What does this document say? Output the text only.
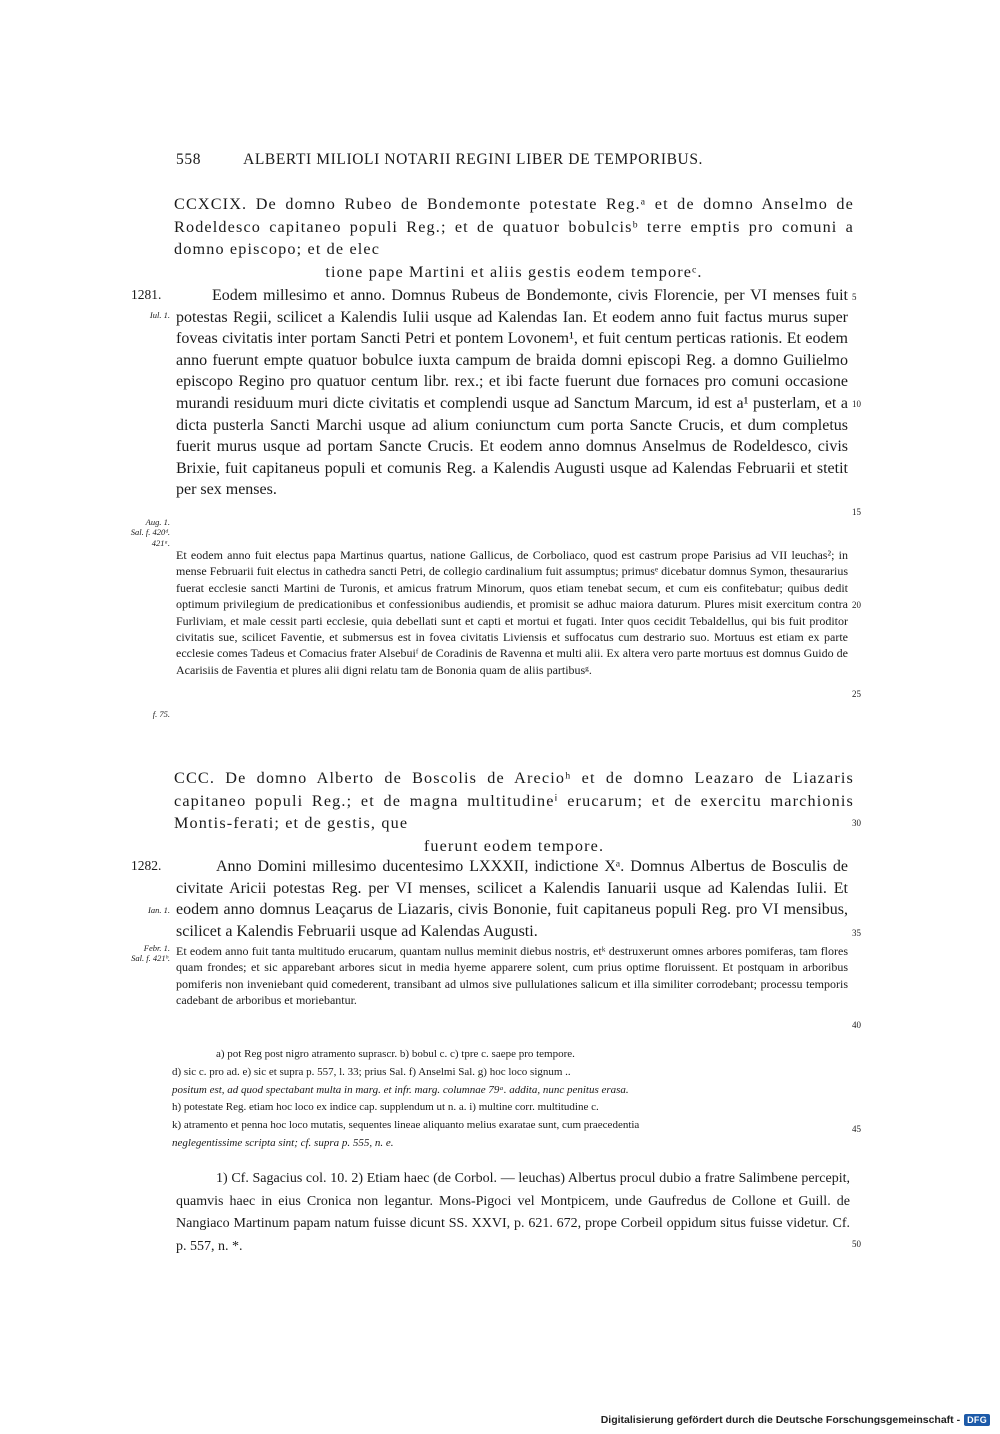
558	ALBERTI MILIOLI NOTARII REGINI LIBER DE TEMPORIBUS.
CCXCIX. De domno Rubeo de Bondemonte potestate Reg.ᵃ et de domno Anselmo de Rodeldesco capitaneo populi Reg.; et de quatuor bobulcisᵇ terre emptis pro comuni a domno episcopo; et de elec
tione pape Martini et aliis gestis eodem temporeᶜ.
1281.
Iul. 1.
Aug. 1.
Sal. f. 420ᵈ.
421ᵃ.
f. 75.

Eodem millesimo et anno. Domnus Rubeus de Bondemonte, civis Florencie, per VI menses fuit potestas Regii, scilicet a Kalendis Iulii usque ad Kalendas Ian. Et eodem anno fuit factus murus super foveas civitatis inter portam Sancti Petri et pontem Lovonem¹, et fuit centum perticas rationis. Et eodem anno fuerunt empte quatuor bobulce iuxta campum de braida domni episcopi Reg. a domno Guilielmo episcopo Regino pro quatuor centum libr. rex.; et ibi facte fuerunt due fornaces pro comuni occasione murandi residuum muri dicte civitatis et complendi usque ad Sanctum Marcum, id est a¹ pusterlam, et a dicta pusterla Sancti Marchi usque ad alium coniunctum cum porta Sancte Crucis, et dum completus fuerit murus usque ad portam Sancte Crucis. Et eodem anno domnus Anselmus de Rodeldesco, civis Brixie, fuit capitaneus populi et comunis Reg. a Kalendis Augusti usque ad Kalendas Februarii et stetit per sex menses.

Et eodem anno fuit electus papa Martinus quartus, natione Gallicus, de Corboliaco, quod est castrum prope Parisius ad VII leuchas²; in mense Februarii fuit electus in cathedra sancti Petri, de collegio cardinalium fuit assumptus; primusᵉ dicebatur domnus Symon, thesaurarius fuerat ecclesie sancti Martini de Turonis, et amicus fratrum Minorum, quos etiam tenebat secum, et cum eis confitebatur; quibus dedit optimum privilegium de predicationibus et confessionibus audiendis, et promisit se adhuc maiora daturum. Plures misit exercitum contra Furliviam, et male cessit parti ecclesie, quia debellati sunt et capti et mortui et fugati. Inter quos cecidit Tebaldellus, qui bis fuit proditor civitatis sue, scilicet Faventie, et submersus est in fovea civitatis Liviensis et suffocatus cum destrario suo. Mortuus est etiam ex parte ecclesie comes Tadeus et Comacius frater Alsebuiᶠ de Coradinis de Ravenna et multi alii. Ex altera vero parte mortuus est domnus Guido de Acarisiis de Faventia et plures alii digni relatu tam de Bononia quam de aliis partibusᵍ.

CCC. De domno Alberto de Boscolis de Arecioʰ et de domno Leazaro de Liazaris capitaneo populi Reg.; et de magna multitudineⁱ erucarum; et de exercitu marchionis Montis-ferati; et de gestis, que
fuerunt eodem tempore.
1282.
Ian. 1.
Febr. 1.
Sal. f. 421ᵇ.

Anno Domini millesimo ducentesimo LXXXII, indictione Xᵃ. Domnus Albertus de Bosculis de civitate Aricii potestas Reg. per VI menses, scilicet a Kalendis Ianuarii usque ad Kalendas Iulii. Et eodem anno domnus Leaçarus de Liazaris, civis Bononie, fuit capitaneus populi Reg. pro VI mensibus, scilicet a Kalendis Februarii usque ad Kalendas Augusti.

Et eodem anno fuit tanta multitudo erucarum, quantam nullus meminit diebus nostris, etᵏ destruxerunt omnes arbores pomiferas, tam flores quam frondes; et sic apparebant arbores sicut in media hyeme apparere solent, cum prius optime floruissent. Et postquam in arboribus pomiferis non inveniebant quid comederent, transibant ad ulmos sive pullulationes salicum et illa similiter corrodebant; processu temporis cadebant de arboribus et moriebantur.

5
10
15
20
25
30
35
40
45
50
a) pot Reg post nigro atramento suprascr. b) bobul c. c) tpre c. saepe pro tempore.
d) sic c. pro ad. e) sic et supra p. 557, l. 33; prius Sal. f) Anselmi Sal. g) hoc loco signum ..
positum est, ad quod spectabant multa in marg. et infr. marg. columnae 79ᵃ. addita, nunc penitus erasa.
h) potestate Reg. etiam hoc loco ex indice cap. supplendum ut n. a. i) multine corr. multitudine c.
k) atramento et penna hoc loco mutatis, sequentes lineae aliquanto melius exaratae sunt, cum praecedentia
neglegentissime scripta sint; cf. supra p. 555, n. e.

1) Cf. Sagacius col. 10. 2) Etiam haec (de Corbol. — leuchas) Albertus procul dubio a fratre Salimbene percepit, quamvis haec in eius Cronica non legantur. Mons-Pigoci vel Montpicem, unde Gaufredus de Collone et Guill. de Nangiaco Martinum papam natum fuisse dicunt SS. XXVI, p. 621. 672, prope Corbeil oppidum situs fuisse videtur. Cf. p. 557, n. *.

Digitalisierung gefördert durch die Deutsche Forschungsgemeinschaft - DFG
